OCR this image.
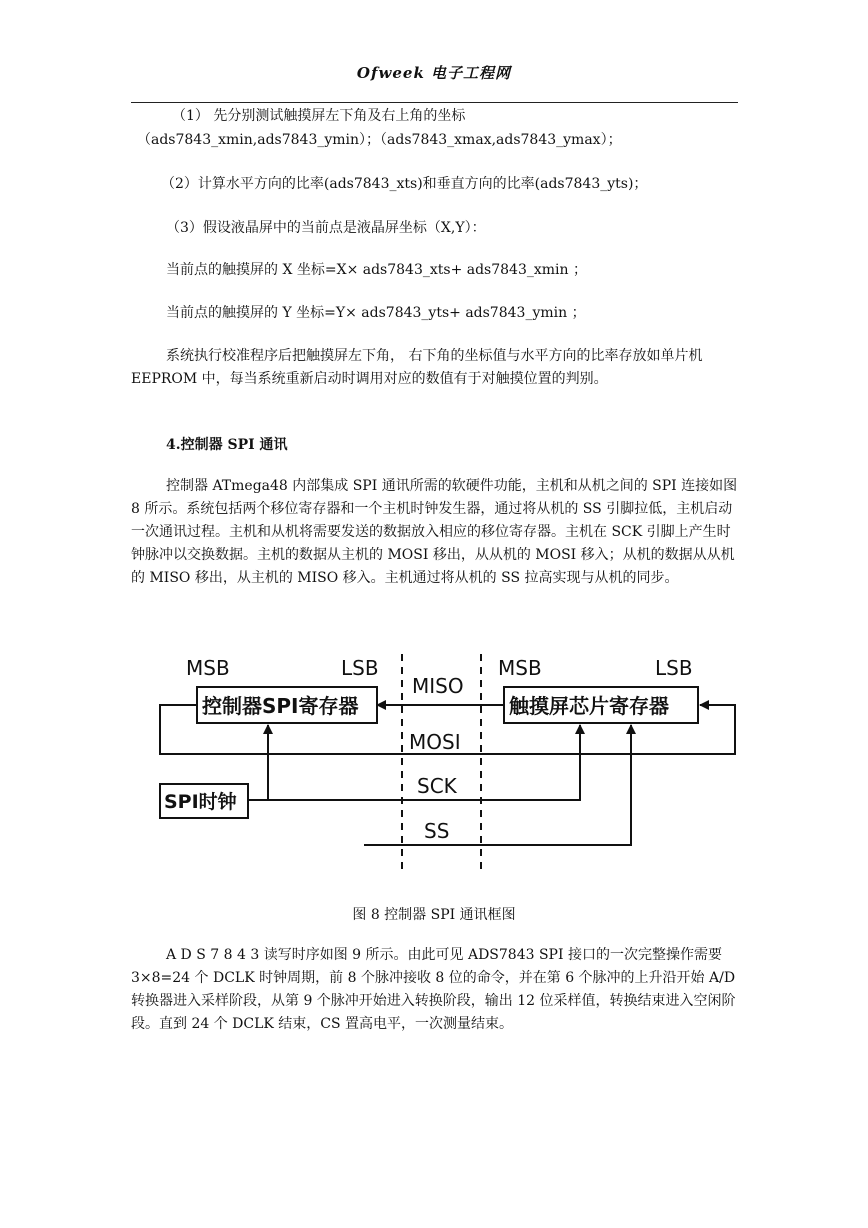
Ofweek 电子工程网
（1） 先分别测试触摸屏左下角及右上角的坐标
（ads7843_xmin,ads7843_ymin）；（ads7843_xmax,ads7843_ymax）；
（2）计算水平方向的比率(ads7843_xts)和垂直方向的比率(ads7843_yts)；
（3）假设液晶屏中的当前点是液晶屏坐标（X,Y）：
当前点的触摸屏的 X 坐标=X× ads7843_xts+ ads7843_xmin ；
当前点的触摸屏的 Y 坐标=Y× ads7843_yts+ ads7843_ymin ；

系统执行校准程序后把触摸屏左下角， 右下角的坐标值与水平方向的比率存放如单片机EEPROM 中，每当系统重新启动时调用对应的数值有于对触摸位置的判别。

4.控制器 SPI 通讯

控制器 ATmega48 内部集成 SPI 通讯所需的软硬件功能，主机和从机之间的 SPI 连接如图 8 所示。系统包括两个移位寄存器和一个主机时钟发生器，通过将从机的 SS 引脚拉低，主机启动一次通讯过程。主机和从机将需要发送的数据放入相应的移位寄存器。主机在 SCK 引脚上产生时钟脉冲以交换数据。主机的数据从主机的 MOSI 移出，从从机的 MOSI 移入；从机的数据从从机的 MISO 移出，从主机的 MISO 移入。主机通过将从机的 SS 拉高实现与从机的同步。

MSB	LSB	MSB	LSB
控制器SPI寄存器	触摸屏芯片寄存器
MISO
MOSI
SPI时钟
SCK
SS
图 8 控制器 SPI 通讯框图

A D S 7 8 4 3 读写时序如图 9 所示。由此可见 ADS7843 SPI 接口的一次完整操作需要 3×8=24 个 DCLK 时钟周期，前 8 个脉冲接收 8 位的命令，并在第 6 个脉冲的上升沿开始 A/D 转换器进入采样阶段，从第 9 个脉冲开始进入转换阶段，输出 12 位采样值，转换结束进入空闲阶段。直到 24 个 DCLK 结束，CS 置高电平，一次测量结束。
